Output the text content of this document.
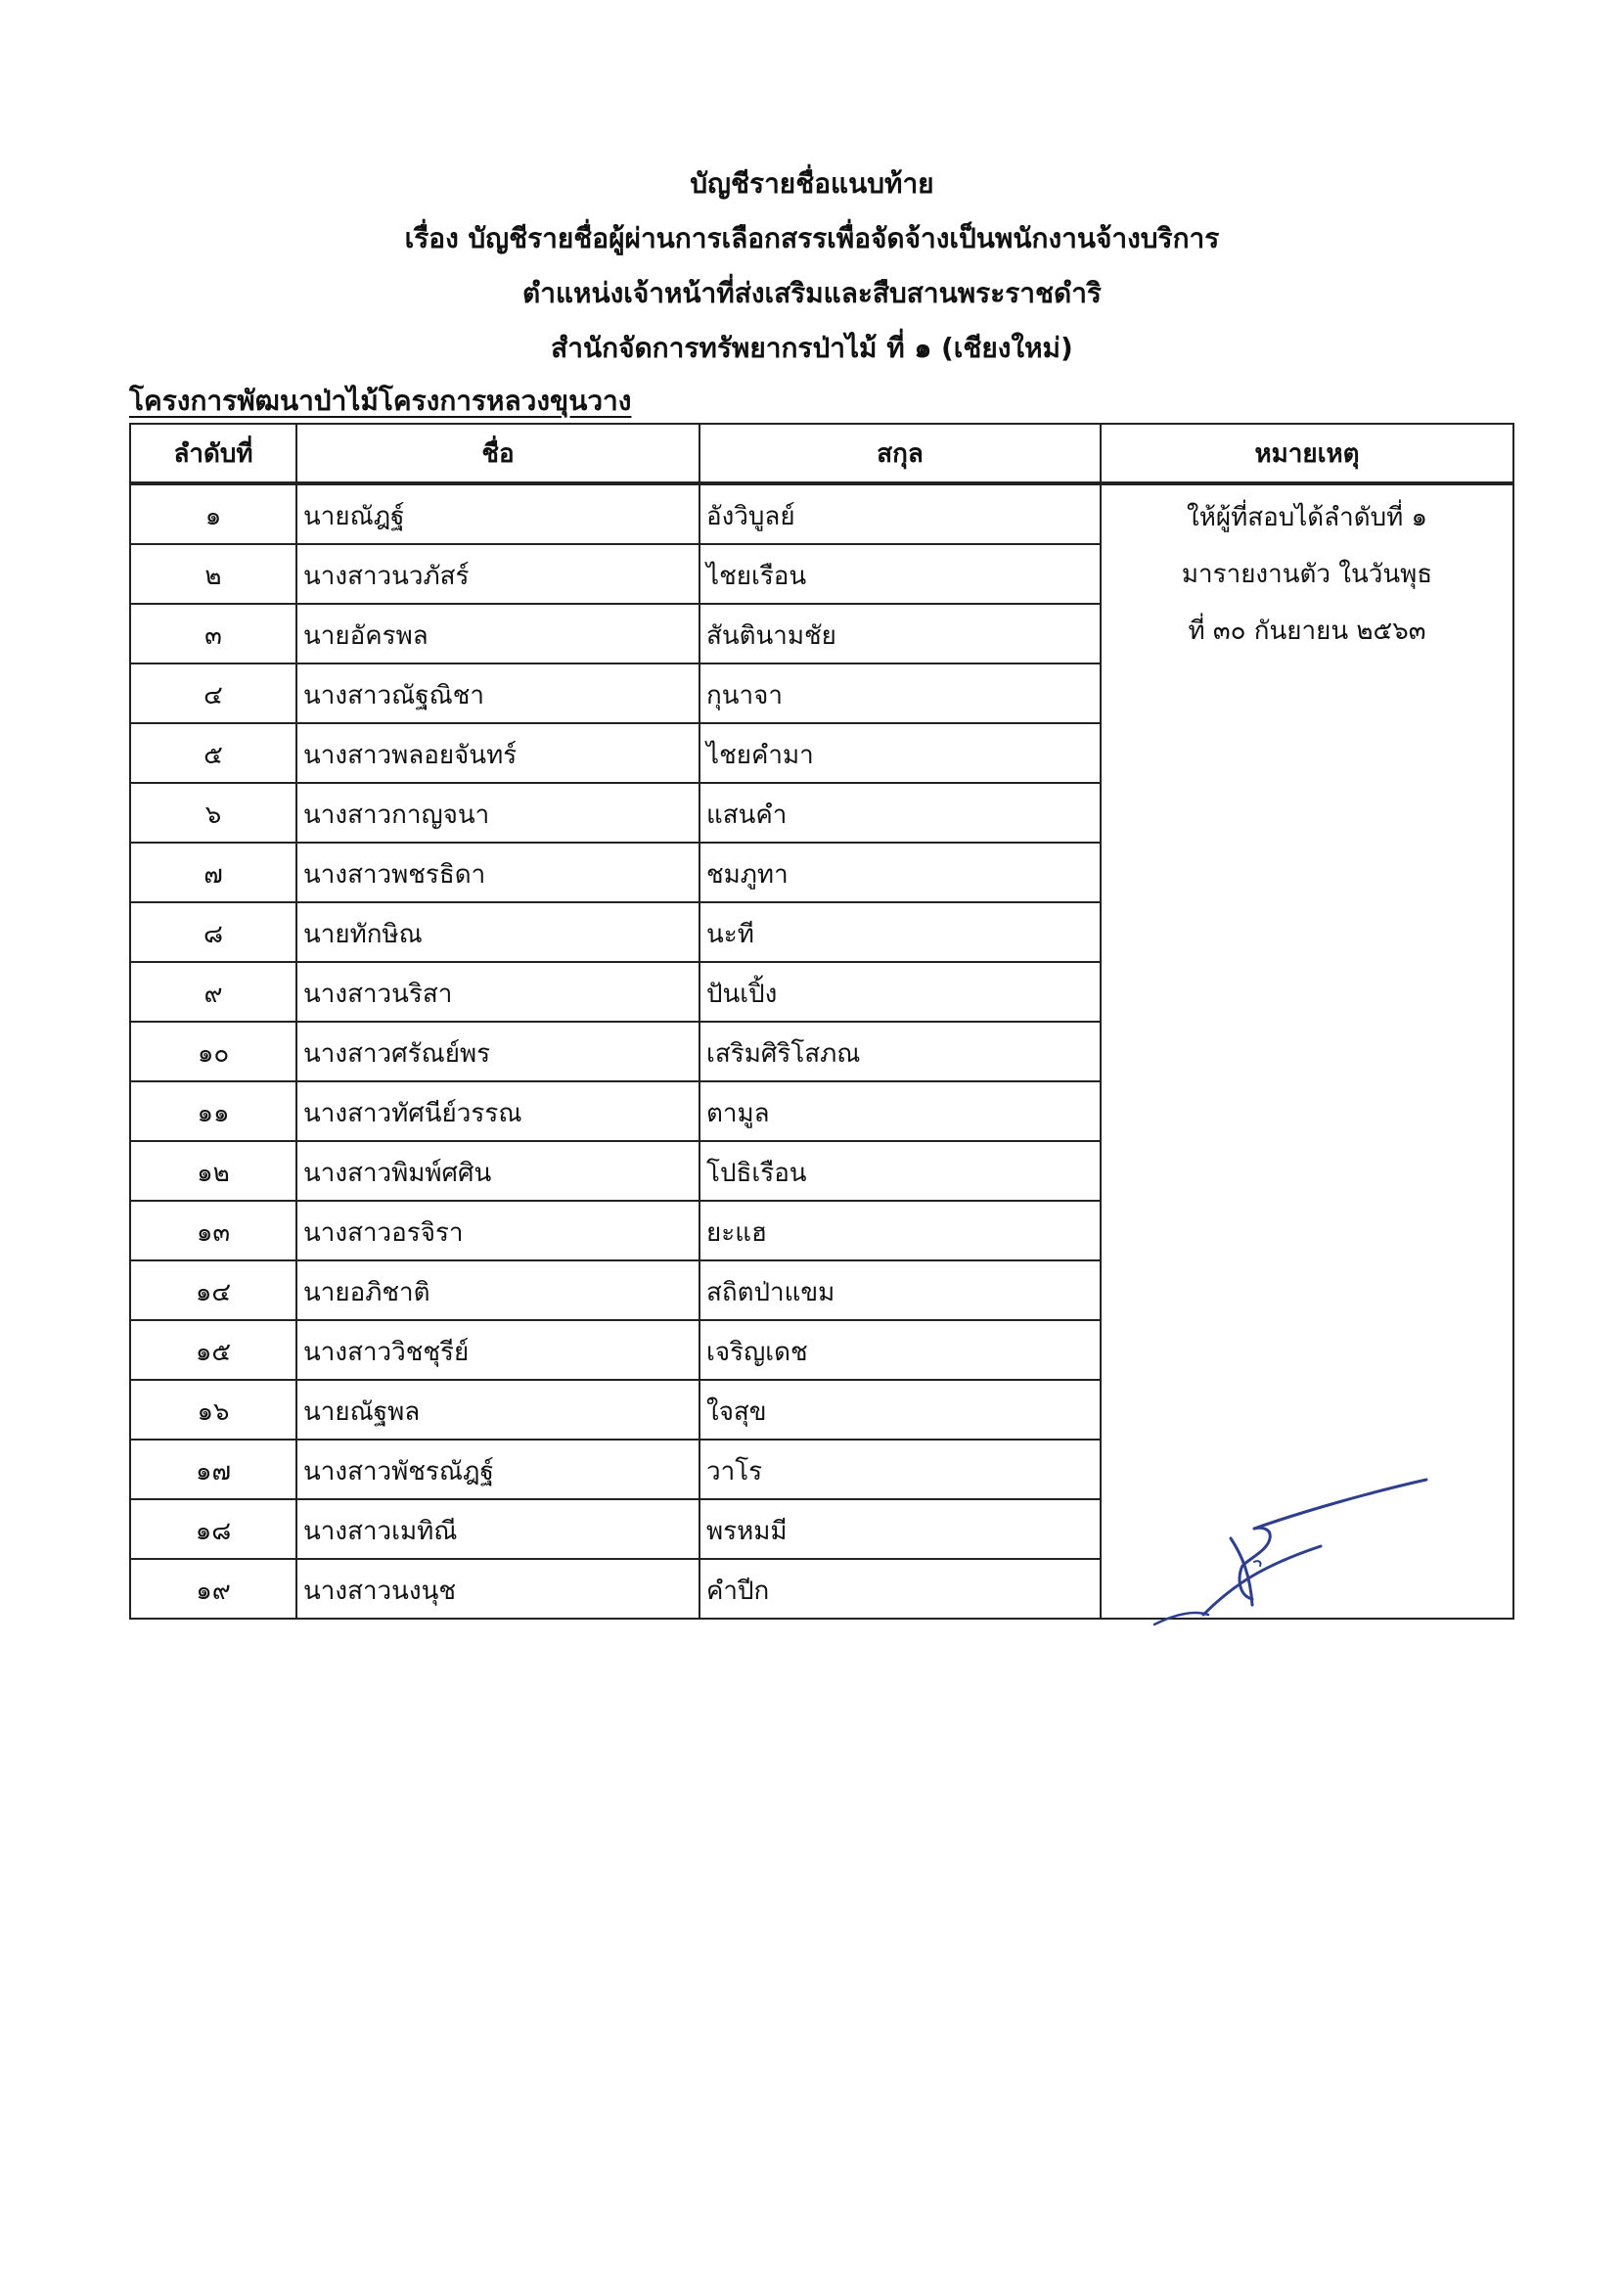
บัญชีรายชื่อแนบท้าย

เรื่อง บัญชีรายชื่อผู้ผ่านการเลือกสรรเพื่อจัดจ้างเป็นพนักงานจ้างบริการ

ตำแหน่งเจ้าหน้าที่ส่งเสริมและสืบสานพระราชดำริ

สำนักจัดการทรัพยากรป่าไม้ ที่ ๑ (เชียงใหม่)

โครงการพัฒนาป่าไม้โครงการหลวงขุนวาง
ลำดับที่	ชื่อ	สกุล	หมายเหตุ
๑	นายณัฎฐ์	อังวิบูลย์	ให้ผู้ที่สอบได้ลำดับที่ ๑
มารายงานตัว ในวันพุธ
ที่ ๓๐ กันยายน ๒๕๖๓

๒	นางสาวนวภัสร์	ไชยเรือน	
๓	นายอัครพล	สันตินามชัย	
๔	นางสาวณัฐณิชา	กุนาจา	
๕	นางสาวพลอยจันทร์	ไชยคำมา	
๖	นางสาวกาญจนา	แสนคำ	
๗	นางสาวพชรธิดา	ชมภูทา	
๘	นายทักษิณ	นะที	
๙	นางสาวนริสา	ปันเปิ้ง	
๑๐	นางสาวศรัณย์พร	เสริมศิริโสภณ	
๑๑	นางสาวทัศนีย์วรรณ	ตามูล	
๑๒	นางสาวพิมพ์ศศิน	โปธิเรือน	
๑๓	นางสาวอรจิรา	ยะแฮ	
๑๔	นายอภิชาติ	สถิตป่าแขม	
๑๕	นางสาววิชชุรีย์	เจริญเดช	
๑๖	นายณัฐพล	ใจสุข	
๑๗	นางสาวพัชรณัฎฐ์	วาโร	
๑๘	นางสาวเมทิณี	พรหมมี	
๑๙	นางสาวนงนุช	คำปีก	
